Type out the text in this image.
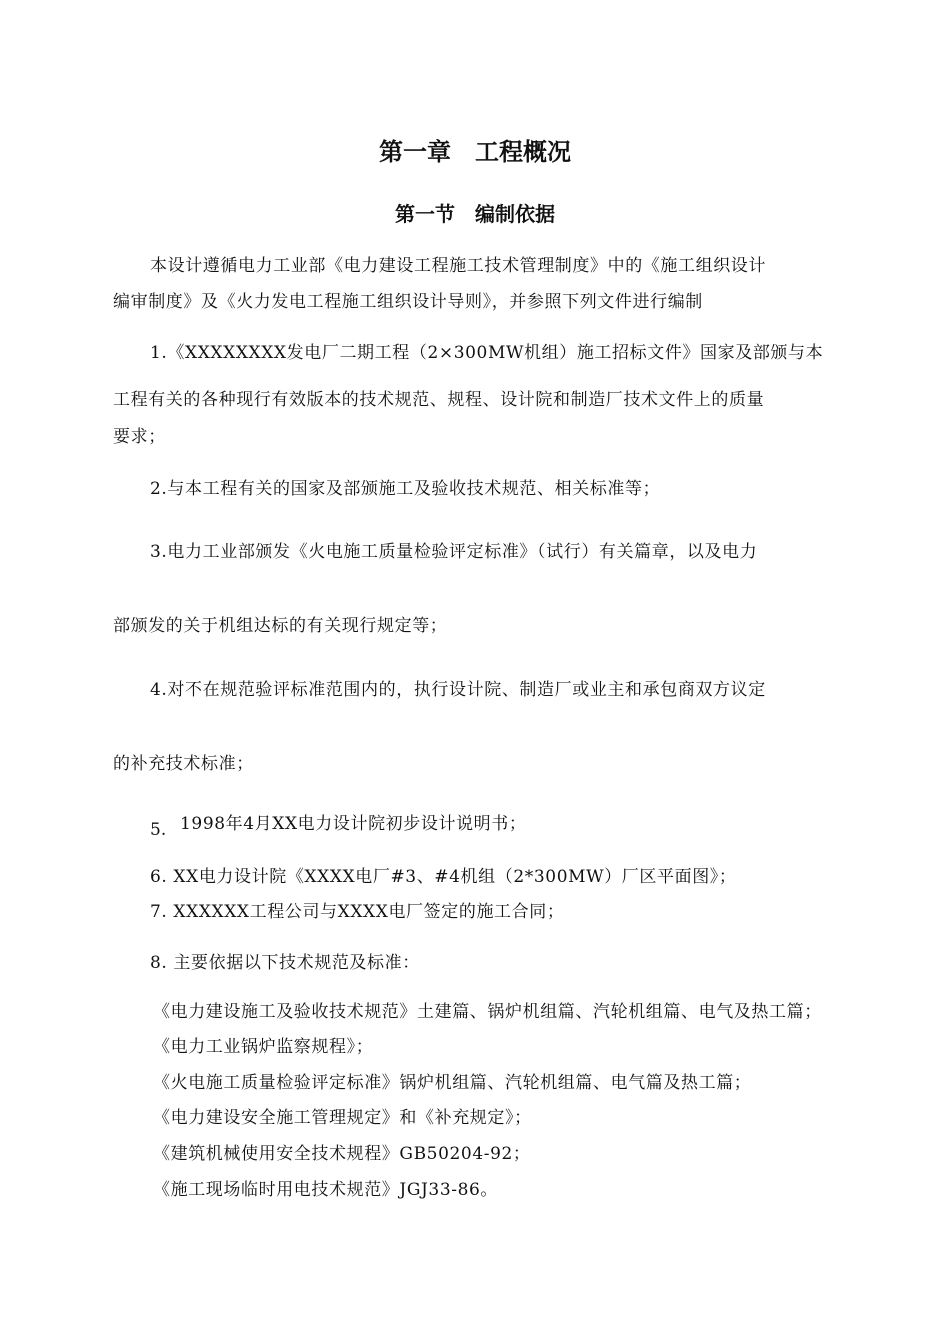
第一章　工程概况
第一节　编制依据
本设计遵循电力工业部《电力建设工程施工技术管理制度》中的《施工组织设计
编审制度》及《火力发电工程施工组织设计导则》，并参照下列文件进行编制
1.《XXXXXXXX发电厂二期工程（2×300MW机组）施工招标文件》国家及部颁与本
工程有关的各种现行有效版本的技术规范、规程、设计院和制造厂技术文件上的质量
要求；
2.与本工程有关的国家及部颁施工及验收技术规范、相关标准等；
3.电力工业部颁发《火电施工质量检验评定标准》（试行）有关篇章，以及电力
部颁发的关于机组达标的有关现行规定等；
4.对不在规范验评标准范围内的，执行设计院、制造厂或业主和承包商双方议定
的补充技术标准；
5. 1998年4月XX电力设计院初步设计说明书；
6. XX电力设计院《XXXX电厂#3、#4机组（2*300MW）厂区平面图》；
7. XXXXXX工程公司与XXXX电厂签定的施工合同；
8. 主要依据以下技术规范及标准：
《电力建设施工及验收技术规范》土建篇、锅炉机组篇、汽轮机组篇、电气及热工篇；
《电力工业锅炉监察规程》；
《火电施工质量检验评定标准》锅炉机组篇、汽轮机组篇、电气篇及热工篇；
《电力建设安全施工管理规定》和《补充规定》；
《建筑机械使用安全技术规程》GB50204-92；
《施工现场临时用电技术规范》JGJ33-86。
